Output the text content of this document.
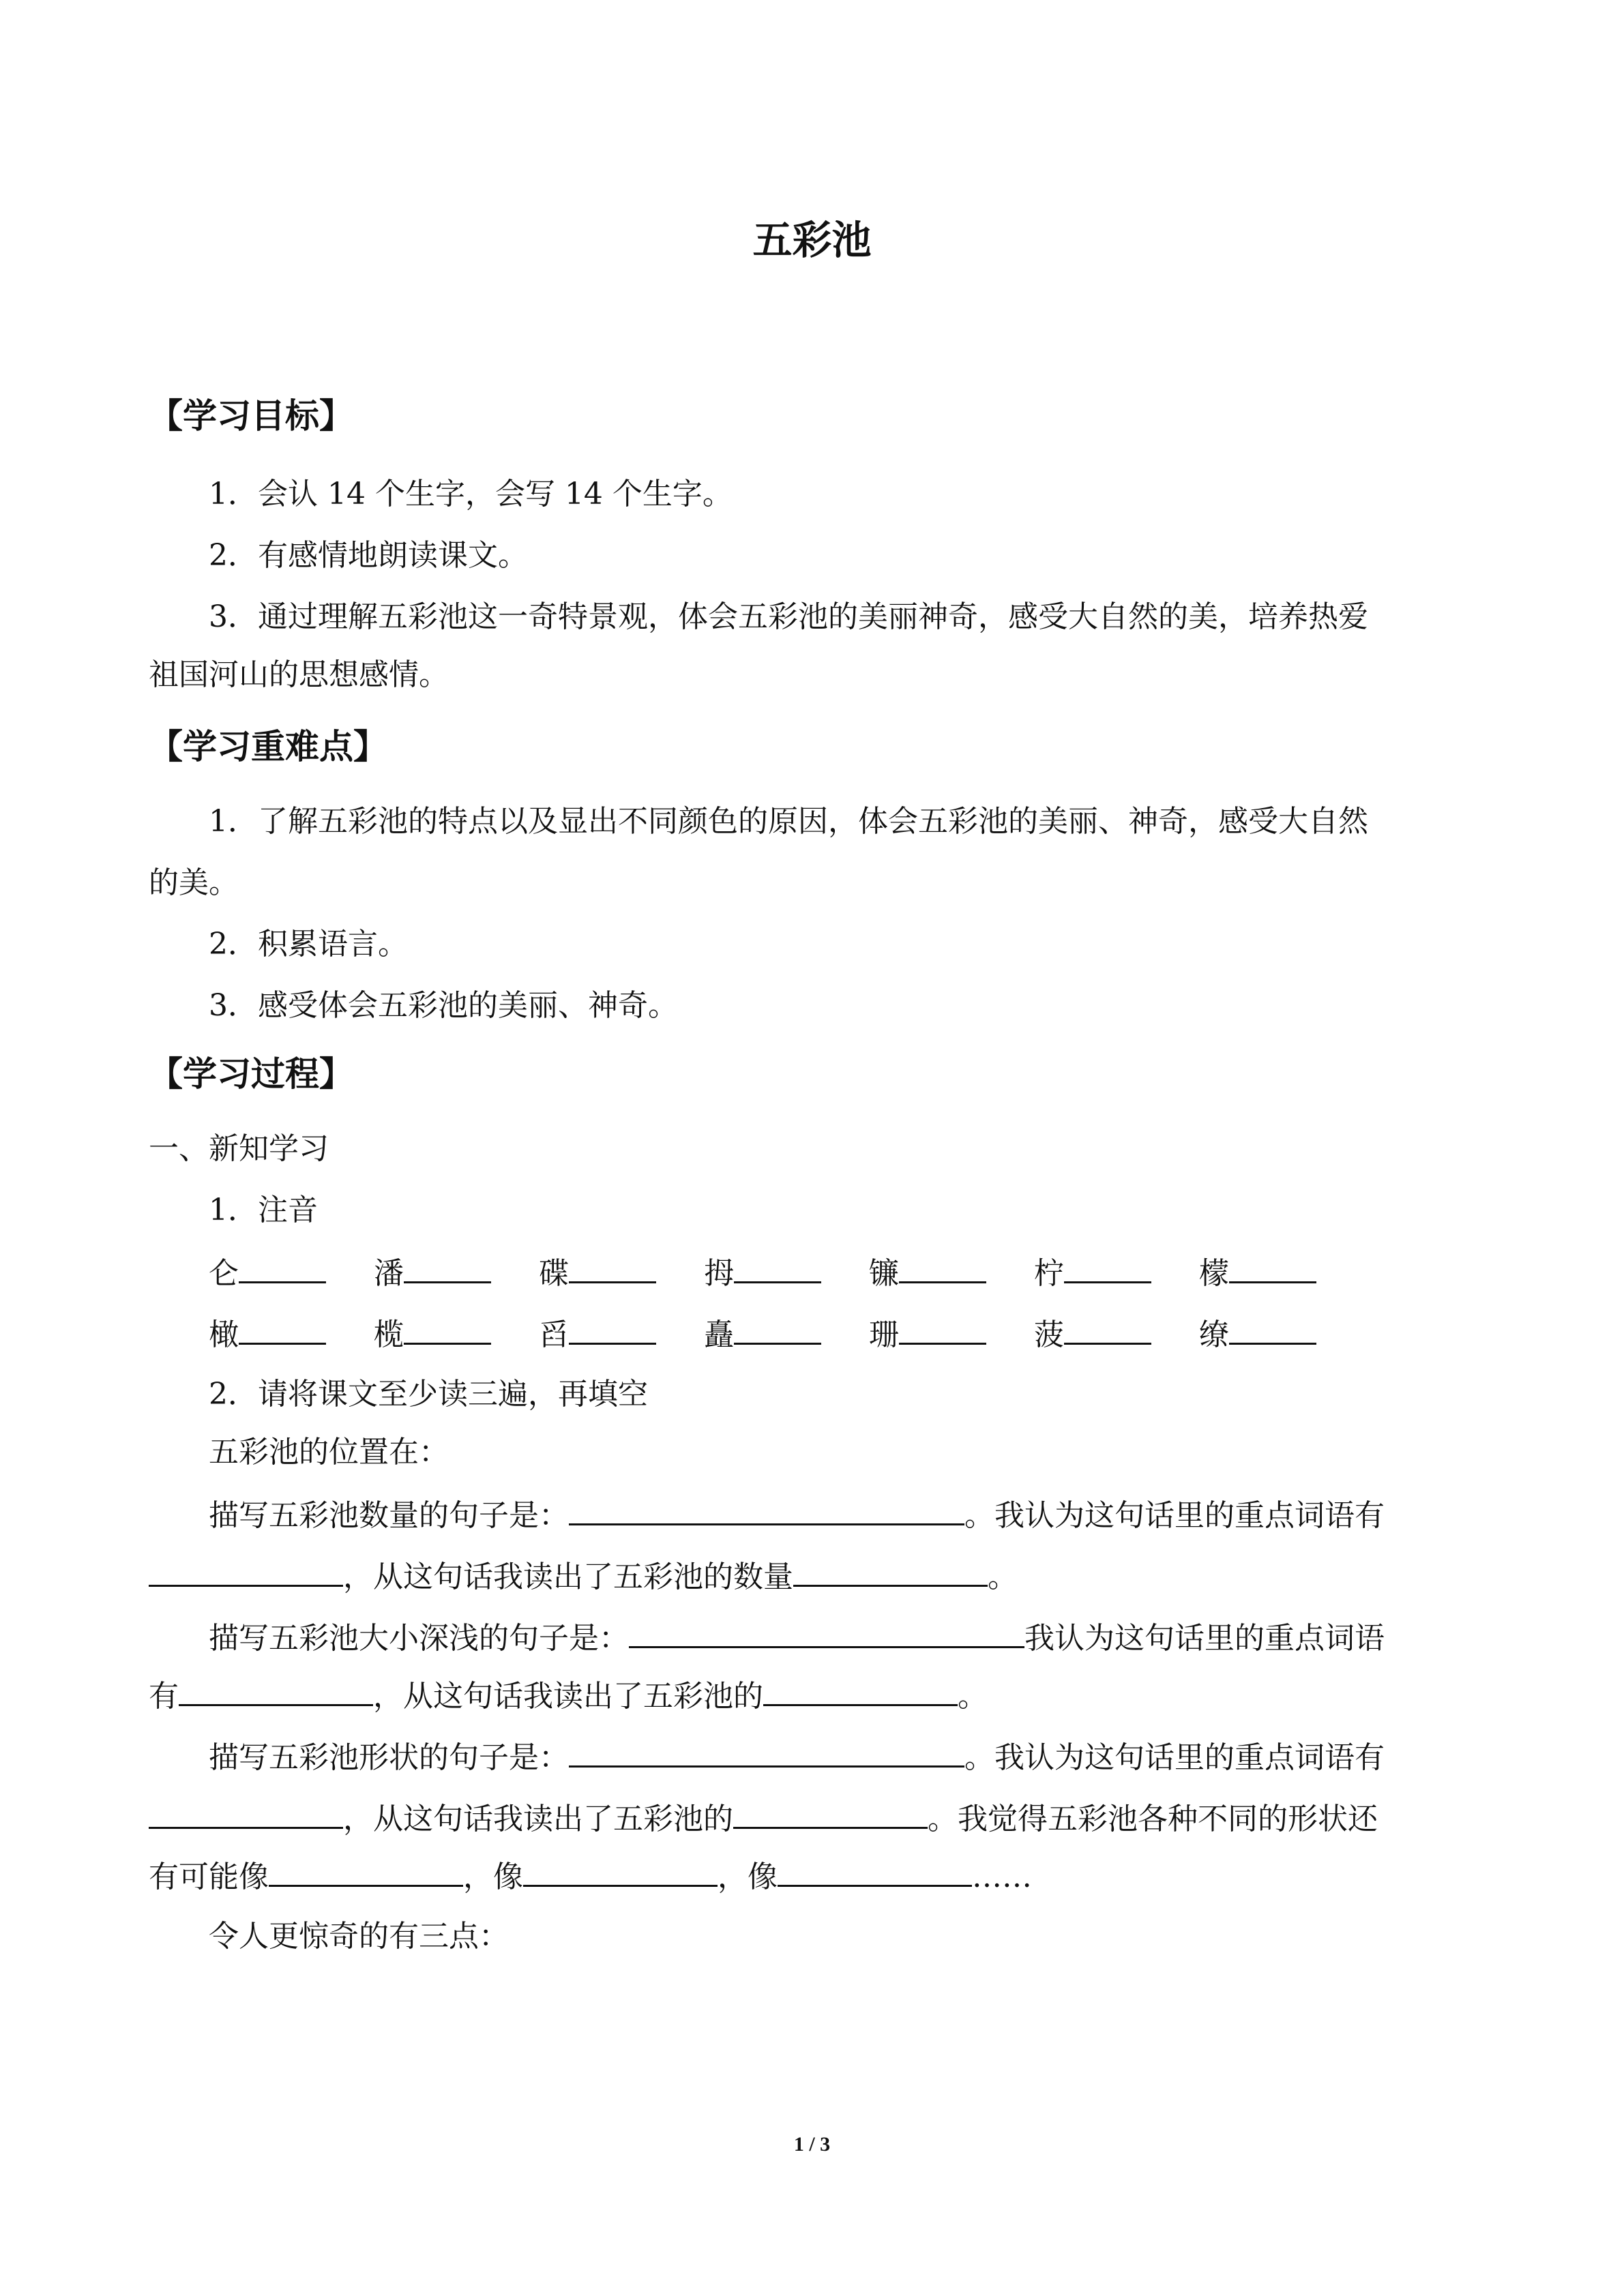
五彩池
【学习目标】
1．会认 14 个生字，会写 14 个生字。
2．有感情地朗读课文。
3．通过理解五彩池这一奇特景观，体会五彩池的美丽神奇，感受大自然的美，培养热爱
祖国河山的思想感情。
【学习重难点】
1．了解五彩池的特点以及显出不同颜色的原因，体会五彩池的美丽、神奇，感受大自然
的美。
2．积累语言。
3．感受体会五彩池的美丽、神奇。
【学习过程】
一、新知学习
1．注音
仑	潘	碟	拇	镰	柠	檬
橄	榄	舀	矗	珊	菠	缭
2．请将课文至少读三遍，再填空
五彩池的位置在：
描写五彩池数量的句子是：	。我认为这句话里的重点词语有
，从这句话我读出了五彩池的数量	。
描写五彩池大小深浅的句子是：	我认为这句话里的重点词语
有	，从这句话我读出了五彩池的	。
描写五彩池形状的句子是：	。我认为这句话里的重点词语有
，从这句话我读出了五彩池的	。我觉得五彩池各种不同的形状还
有可能像	，像	，像	……
令人更惊奇的有三点：
1 / 3
